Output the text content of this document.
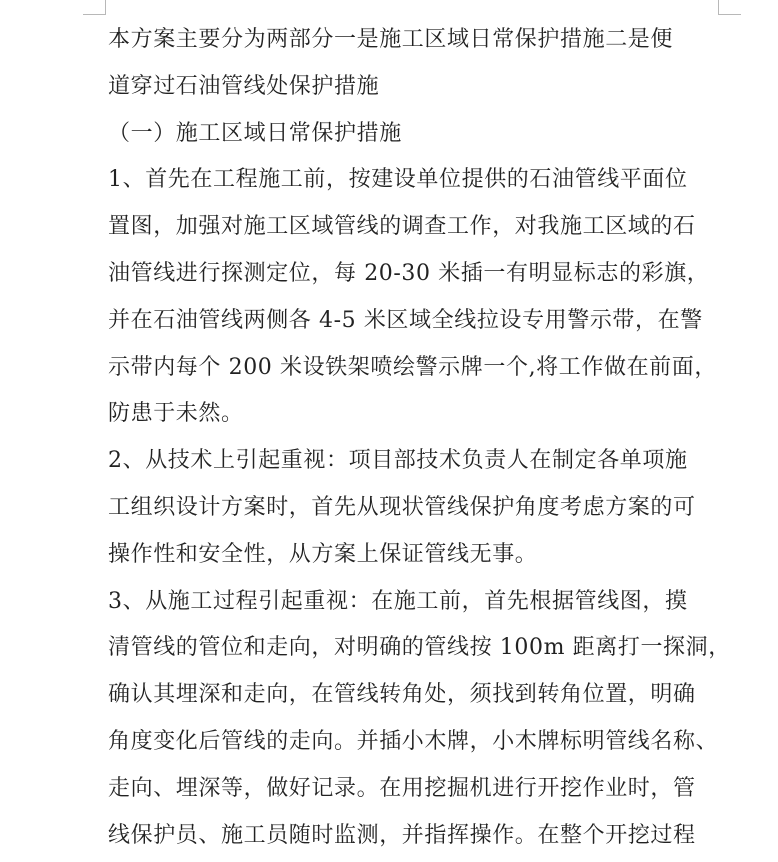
本方案主要分为两部分一是施工区域日常保护措施二是便
道穿过石油管线处保护措施
（一）施工区域日常保护措施
1、首先在工程施工前，按建设单位提供的石油管线平面位
置图，加强对施工区域管线的调查工作，对我施工区域的石
油管线进行探测定位，每 20-30 米插一有明显标志的彩旗，
并在石油管线两侧各 4-5 米区域全线拉设专用警示带，在警
示带内每个 200 米设铁架喷绘警示牌一个,将工作做在前面，
防患于未然。
2、从技术上引起重视：项目部技术负责人在制定各单项施
工组织设计方案时，首先从现状管线保护角度考虑方案的可
操作性和安全性，从方案上保证管线无事。
3、从施工过程引起重视：在施工前，首先根据管线图，摸
清管线的管位和走向，对明确的管线按 100m 距离打一探洞，
确认其埋深和走向，在管线转角处，须找到转角位置，明确
角度变化后管线的走向。并插小木牌，小木牌标明管线名称、
走向、埋深等，做好记录。在用挖掘机进行开挖作业时，管
线保护员、施工员随时监测，并指挥操作。在整个开挖过程
